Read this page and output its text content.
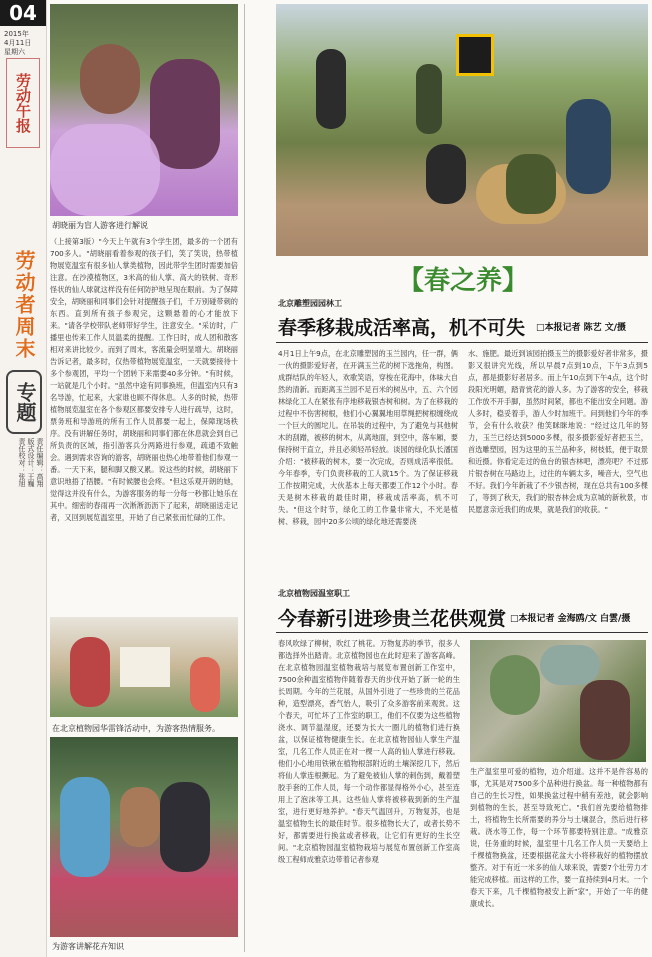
04
2015年
4月11日
星期六
劳动午报
劳动者周末
专题
责任编辑：高翔
版式设计：王巍
责任校对：张旭
胡晓丽为盲人游客进行解说
（上接第3版）"今天上午就有3个学生团，最多的一个团有700多人。"胡晓丽看着参观的孩子们，笑了笑说，热带植物展览温室有很多仙人掌类植物，因此带学生团时需要加倍注意。在沙漠植物区，3米高的仙人掌、高大的铁树、奇形怪状的仙人球就这样没有任何防护地呈现在眼前。为了保障安全，胡晓丽和同事们会针对提醒孩子们，千万别碰带刺的东西。直到所有孩子参观完，这颗悬着的心才能放下来。"请各学校带队老师带好学生，注意安全。"采访时，广播里也传来工作人员温柔的提醒。工作日时，成人团和散客相对来讲比较少。而到了周末，客流量会明显增大。胡晓丽告诉记者，最多时，仅热带植物展览温室，一天就要接待十多个参观团，平均一个团转下来需要40多分钟。"有时候，一站就是几个小时。"虽然中途有同事换班，但温室内只有3名导游，忙起来，大家谁也顾不得休息。人多的时候，热带植物展览温室在各个参观区都要安排专人进行疏导，这时，票务班和导游班的所有工作人员都要一起上，保障现场秩序。没有讲解任务时，胡晓丽和同事们都在休息就会到自己所负责的区域，指引游客兵分两路进行参观，疏通不致触会。遇到需求咨询的游客，胡晓丽也热心地带着他们参观一番。一天下来，腿和脚又酸又累。说这些的时候，胡晓丽下意识地捂了捂腰。"有时候腰也会疼。"但这乐观开朗的她，觉得这并没有什么，为游客服务的每一分每一秒都让她乐在其中。细密的春雨再一次淅淅沥沥下了起来，胡晓丽送走记者，又回到展览温室里，开始了自己紧张而忙碌的工作。
在北京植物园华雷锋活动中，为游客热情服务。
为游客讲解花卉知识
【春之养】
北京雕塑园园林工
春季移栽成活率高，机不可失 □本报记者 陈艺 文/摄
4月1日上午9点，在北京雕塑园的玉兰园内，任一群，俩一伙的摄影爱好者，在开满玉兰花的树下选拖角，构图。成群结队的年轻人，欢歌笑语，穿梭在花海中，体味大自然的清新。而距离玉兰园不足百米的树丛中，五、六个园林绿化工人在紧张有序地移栽银杏树和树。为了在移栽的过程中不伤害树根，他们小心翼翼地用草绳把树根缠绕成一个巨大的圆坨儿。在吊装的过程中，为了避免与其他树木的刮蹭，被移的树木，从离地面，到空中，落车厢，要保持树干直立，并且必须轻吊轻放。谈园的绿化队长潘国介绍："被移栽的树木，要一次完成，否则成活率很低。今年春季，专门负责移栽的工人就15个。为了保证移栽工作按期完成，大伙基本上每天都要工作12个小时。春天是树木移栽的最佳时期，移栽成活率高，机不可失。"但这个时节，绿化工的工作量非常大，不光是植树、移栽，园中20多公顷的绿化地还需要浇
水、施肥。最近到该园拍摄玉兰的摄影爱好者非常多，摄影又很讲究光线，所以早晨7点到10点，下午3点到5点，都是摄影好者居多。而上午10点到下午4点，这个时段阳光明媚，踏青赏花的游人多。为了游客的安全，移栽工作放不开手脚，虽然时间紧，都也不能出安全问题。游人多时，稳妥着手，游人少时加班干。问到他们今年的季节，会有什么收获？他笑眯眯地说："经过这几年的努力，玉兰已经达到5000多棵，很多摄影爱好者把玉兰，首选雕塑园，因为这里的玉兰品种多，树枝低，便于取景和近摄。你看定走过的鱼台的银杏林吧，漂亮吧？不过那片银杏树在马路边上，过往的车辆太多，噪音大，空气也不好。我们今年新栽了不少银杏树，现在总共有100多棵了，等到了秋天，我们的银杏林会成为京城的新秋景，市民愿意亲近我们的成果，就是我们的收获。"
北京植物园温室职工
今春新引进珍贵兰花供观赏 □本报记者 金海鸥/文 白雲/摄
春风吹绿了柳树，吹红了桃花。万物复苏的季节，很多人都选择外出踏青。北京植物园也在此时迎来了游客高峰。在北京植物园温室植物栽培与展览布置创新工作室中，7500余种温室植物伴随着春天的步伐开始了新一轮的生长周期。今年的兰花展，从国外引进了一些珍贵的兰花品种，造型漂亮，香气怡人，吸引了众多游客前来观赏。这个春天，可忙坏了工作室的职工，他们不仅要为这些植物浇水、调节温湿度，还要为长大一圈儿的植物们进行换盆，以保证植物健康生长。在北京植物园仙人掌生产温室，几名工作人员正在对一棵一人高的仙人掌进行移栽。他们小心地用铁锹在植物根部附近的土壤深挖几下，然后将仙人掌连根撅起。为了避免被仙人掌的刺伤到，戴着塑胶手套的工作人员，每一个动作都显得格外小心，甚至连用上了泡沫等工具。这些仙人掌将被移栽到新的生产温室，进行更好地养护。"春天气温回升，万物复苏，也是温室植物生长的最佳时节。很多植物长大了，或者长势不好，都需要进行换盆或者移栽，让它们有更好的生长空间。"北京植物园温室植物栽培与展览布置创新工作室高级工程师成雅京边带着记者参观
生产温室里可爱的植物，边介绍道。这并不是件容易的事，尤其是对7500多个品种进行换盆。每一种植物都有自己的生长习性，如果换盆过程中稍有差池，就会影响到植物的生长，甚至导致死亡。"我们首先要给植物排土，将植物生长所需要的养分与土壤混合，然后进行移栽。浇水等工作，每一个环节都要特别注意。"成雅京说，任务重的时候，温室里十几名工作人员一天要给上千棵植物换盆，还要根据花盆大小将移栽好的植物摆放整齐。对于有近一米多的仙人球来说，需要7个壮劳力才能完成移植。而这样的工作，要一直持续到4月末。一个春天下来，几千棵植物被安上新"家"，开始了一年的健康成长。
